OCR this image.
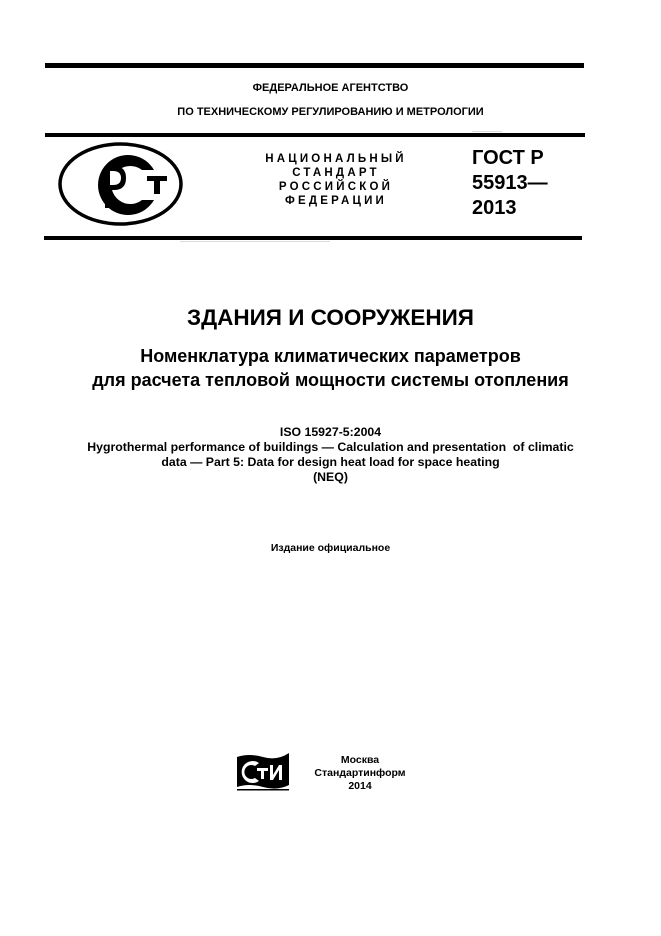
ФЕДЕРАЛЬНОЕ АГЕНТСТВО
ПО ТЕХНИЧЕСКОМУ РЕГУЛИРОВАНИЮ И МЕТРОЛОГИИ
НАЦИОНАЛЬНЫЙ
СТАНДАРТ
РОССИЙСКОЙ
ФЕДЕРАЦИИ
ГОСТ Р
55913—
2013
ЗДАНИЯ И СООРУЖЕНИЯ
Номенклатура климатических параметров
для расчета тепловой мощности системы отопления
ISO 15927-5:2004
Hygrothermal performance of buildings — Calculation and presentation  of climatic
data — Part 5: Data for design heat load for space heating
(NEQ)
Издание официальное
Москва
Стандартинформ
2014
